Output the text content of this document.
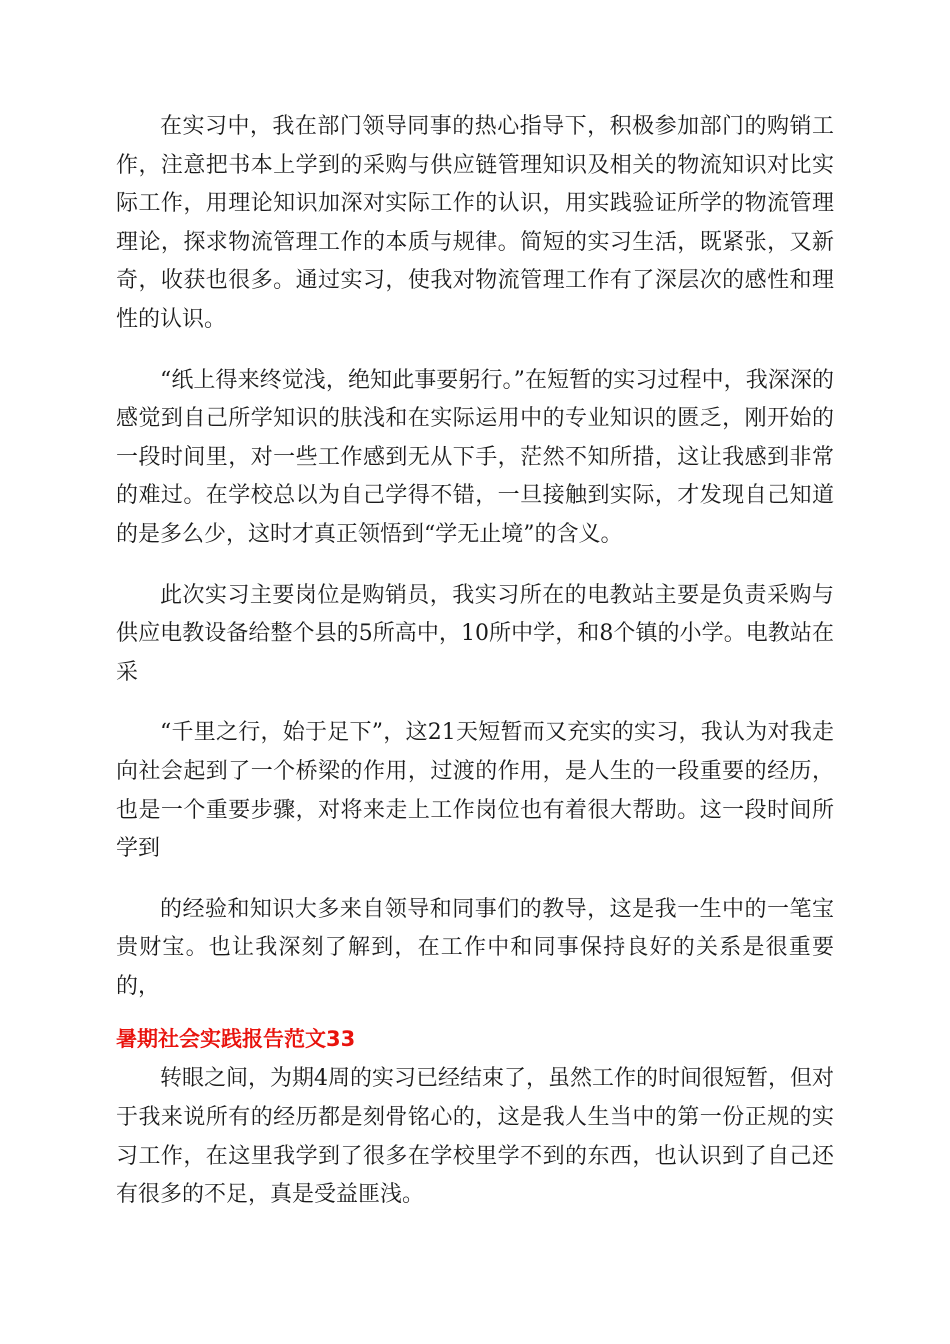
在实习中，我在部门领导同事的热心指导下，积极参加部门的购销工作，注意把书本上学到的采购与供应链管理知识及相关的物流知识对比实际工作，用理论知识加深对实际工作的认识，用实践验证所学的物流管理理论，探求物流管理工作的本质与规律。简短的实习生活，既紧张，又新奇，收获也很多。通过实习，使我对物流管理工作有了深层次的感性和理性的认识。

“纸上得来终觉浅，绝知此事要躬行。”在短暂的实习过程中，我深深的感觉到自己所学知识的肤浅和在实际运用中的专业知识的匮乏，刚开始的一段时间里，对一些工作感到无从下手，茫然不知所措，这让我感到非常的难过。在学校总以为自己学得不错，一旦接触到实际，才发现自己知道的是多么少，这时才真正领悟到“学无止境”的含义。

此次实习主要岗位是购销员，我实习所在的电教站主要是负责采购与供应电教设备给整个县的5所高中，10所中学，和8个镇的小学。电教站在采

“千里之行，始于足下”，这21天短暂而又充实的实习，我认为对我走向社会起到了一个桥梁的作用，过渡的作用，是人生的一段重要的经历，也是一个重要步骤，对将来走上工作岗位也有着很大帮助。这一段时间所学到

的经验和知识大多来自领导和同事们的教导，这是我一生中的一笔宝贵财宝。也让我深刻了解到，在工作中和同事保持良好的关系是很重要的，

暑期社会实践报告范文33

转眼之间，为期4周的实习已经结束了，虽然工作的时间很短暂，但对于我来说所有的经历都是刻骨铭心的，这是我人生当中的第一份正规的实习工作，在这里我学到了很多在学校里学不到的东西，也认识到了自己还有很多的不足，真是受益匪浅。
